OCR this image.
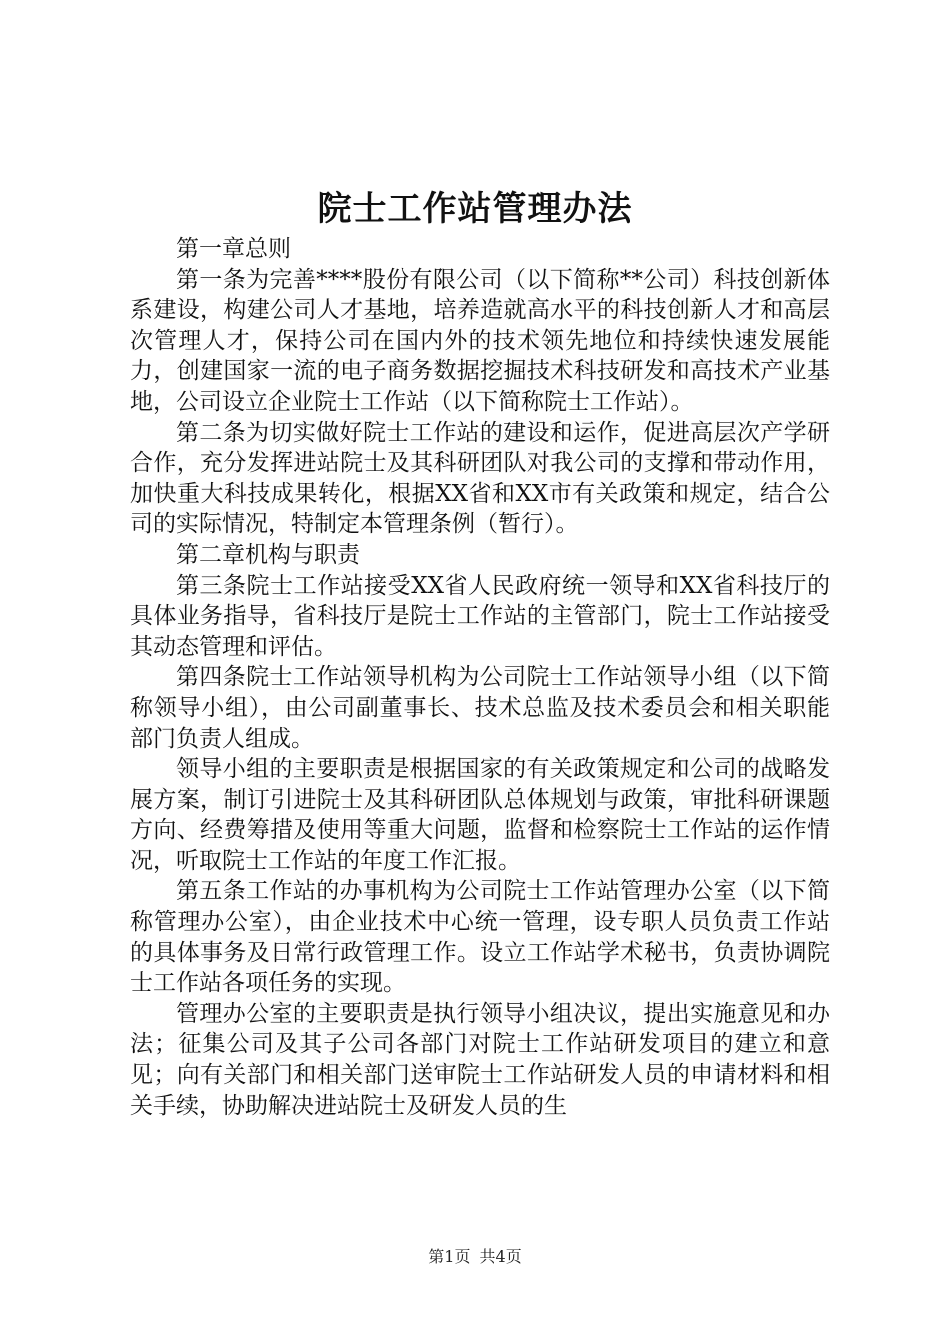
院士工作站管理办法

第一章总则

第一条为完善****股份有限公司（以下简称**公司）科技创新体系建设，构建公司人才基地，培养造就高水平的科技创新人才和高层次管理人才，保持公司在国内外的技术领先地位和持续快速发展能力，创建国家一流的电子商务数据挖掘技术科技研发和高技术产业基地，公司设立企业院士工作站（以下简称院士工作站）。

第二条为切实做好院士工作站的建设和运作，促进高层次产学研合作，充分发挥进站院士及其科研团队对我公司的支撑和带动作用，加快重大科技成果转化，根据XX省和XX市有关政策和规定，结合公司的实际情况，特制定本管理条例（暂行）。

第二章机构与职责

第三条院士工作站接受XX省人民政府统一领导和XX省科技厅的具体业务指导，省科技厅是院士工作站的主管部门，院士工作站接受其动态管理和评估。

第四条院士工作站领导机构为公司院士工作站领导小组（以下简称领导小组），由公司副董事长、技术总监及技术委员会和相关职能部门负责人组成。

领导小组的主要职责是根据国家的有关政策规定和公司的战略发展方案，制订引进院士及其科研团队总体规划与政策，审批科研课题方向、经费筹措及使用等重大问题，监督和检察院士工作站的运作情况，听取院士工作站的年度工作汇报。

第五条工作站的办事机构为公司院士工作站管理办公室（以下简称管理办公室），由企业技术中心统一管理，设专职人员负责工作站的具体事务及日常行政管理工作。设立工作站学术秘书，负责协调院士工作站各项任务的实现。

管理办公室的主要职责是执行领导小组决议，提出实施意见和办法；征集公司及其子公司各部门对院士工作站研发项目的建立和意见；向有关部门和相关部门送审院士工作站研发人员的申请材料和相关手续，协助解决进站院士及研发人员的生

第1页 共4页
